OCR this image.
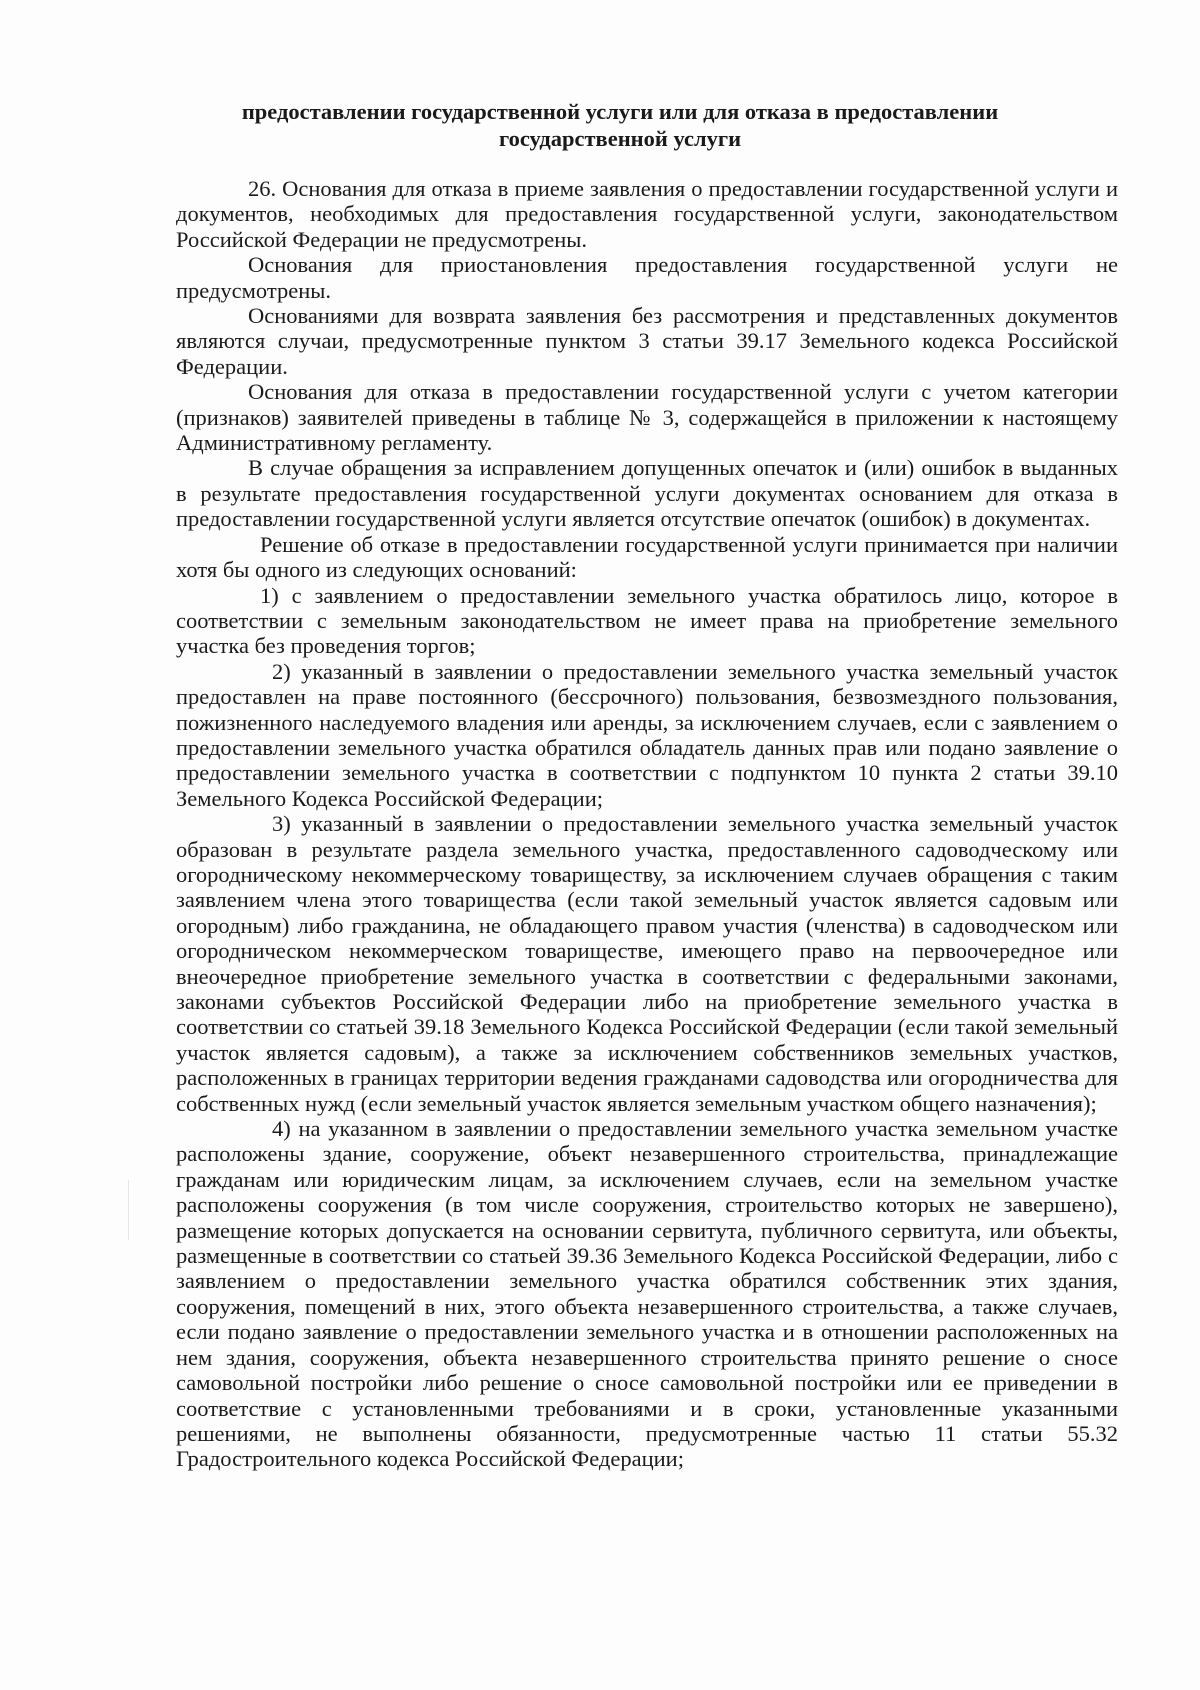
предоставлении государственной услуги или для отказа в предоставлении
государственной услуги

26. Основания для отказа в приеме заявления о предоставлении государственной услуги и документов, необходимых для предоставления государственной услуги, законодательством Российской Федерации не предусмотрены.

Основания для приостановления предоставления государственной услуги не предусмотрены.

Основаниями для возврата заявления без рассмотрения и представленных документов являются случаи, предусмотренные пунктом 3 статьи 39.17 Земельного кодекса Российской Федерации.

Основания для отказа в предоставлении государственной услуги с учетом категории (признаков) заявителей приведены в таблице № 3, содержащейся в приложении к настоящему Административному регламенту.

В случае обращения за исправлением допущенных опечаток и (или) ошибок в выданных в результате предоставления государственной услуги документах основанием для отказа в предоставлении государственной услуги является отсутствие опечаток (ошибок) в документах.

Решение об отказе в предоставлении государственной услуги принимается при наличии хотя бы одного из следующих оснований:

1) с заявлением о предоставлении земельного участка обратилось лицо, которое в соответствии с земельным законодательством не имеет права на приобретение земельного участка без проведения торгов;

2) указанный в заявлении о предоставлении земельного участка земельный участок предоставлен на праве постоянного (бессрочного) пользования, безвозмездного пользования, пожизненного наследуемого владения или аренды, за исключением случаев, если с заявлением о предоставлении земельного участка обратился обладатель данных прав или подано заявление о предоставлении земельного участка в соответствии с подпунктом 10 пункта 2 статьи 39.10 Земельного Кодекса Российской Федерации;

3) указанный в заявлении о предоставлении земельного участка земельный участок образован в результате раздела земельного участка, предоставленного садоводческому или огородническому некоммерческому товариществу, за исключением случаев обращения с таким заявлением члена этого товарищества (если такой земельный участок является садовым или огородным) либо гражданина, не обладающего правом участия (членства) в садоводческом или огородническом некоммерческом товариществе, имеющего право на первоочередное или внеочередное приобретение земельного участка в соответствии с федеральными законами, законами субъектов Российской Федерации либо на приобретение земельного участка в соответствии со статьей 39.18 Земельного Кодекса Российской Федерации (если такой земельный участок является садовым), а также за исключением собственников земельных участков, расположенных в границах территории ведения гражданами садоводства или огородничества для собственных нужд (если земельный участок является земельным участком общего назначения);

4) на указанном в заявлении о предоставлении земельного участка земельном участке расположены здание, сооружение, объект незавершенного строительства, принадлежащие гражданам или юридическим лицам, за исключением случаев, если на земельном участке расположены сооружения (в том числе сооружения, строительство которых не завершено), размещение которых допускается на основании сервитута, публичного сервитута, или объекты, размещенные в соответствии со статьей 39.36 Земельного Кодекса Российской Федерации, либо с заявлением о предоставлении земельного участка обратился собственник этих здания, сооружения, помещений в них, этого объекта незавершенного строительства, а также случаев, если подано заявление о предоставлении земельного участка и в отношении расположенных на нем здания, сооружения, объекта незавершенного строительства принято решение о сносе самовольной постройки либо решение о сносе самовольной постройки или ее приведении в соответствие с установленными требованиями и в сроки, установленные указанными решениями, не выполнены обязанности, предусмотренные частью 11 статьи 55.32 Градостроительного кодекса Российской Федерации;
